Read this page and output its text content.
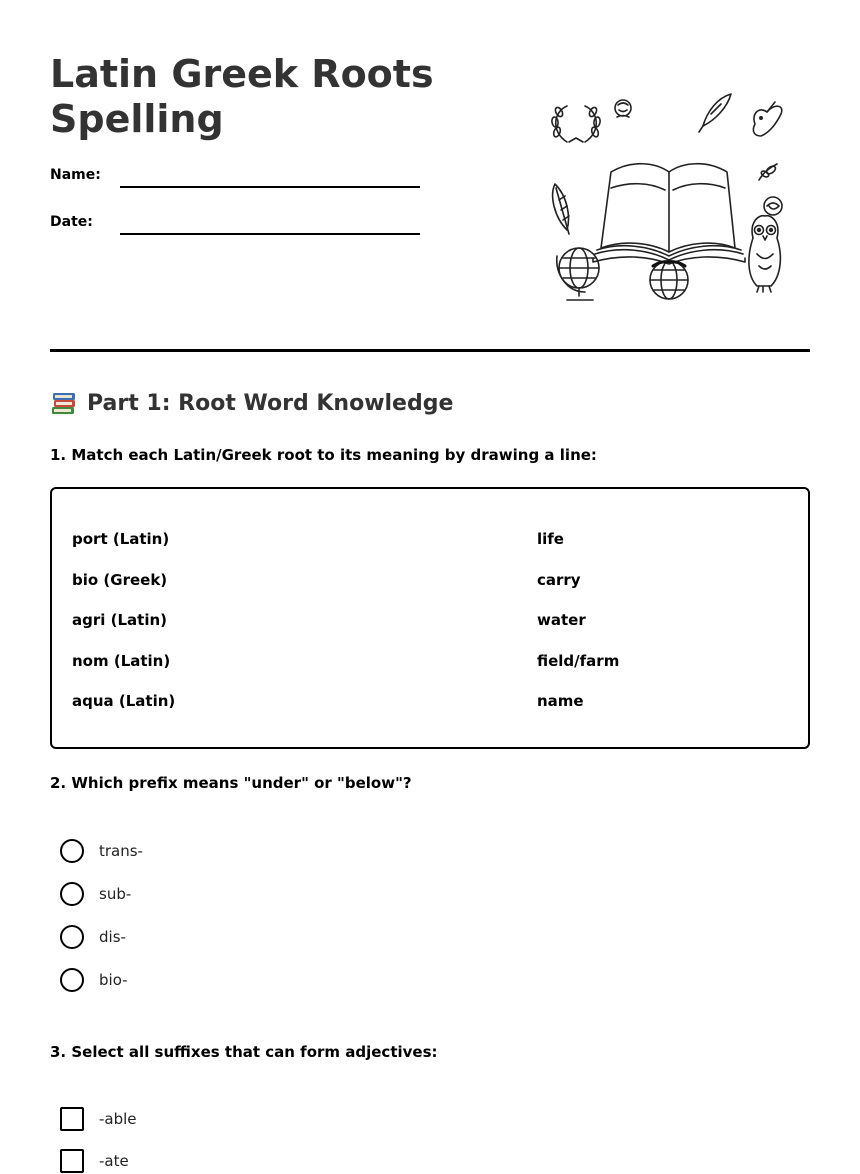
Latin Greek Roots Spelling
Name:
Date:
Part 1: Root Word Knowledge
1. Match each Latin/Greek root to its meaning by drawing a line:
port (Latin)
bio (Greek)
agri (Latin)
nom (Latin)
aqua (Latin)
life
carry
water
field/farm
name
2. Which prefix means "under" or "below"?
trans-
sub-
dis-
bio-
3. Select all suffixes that can form adjectives:
-able
-ate
